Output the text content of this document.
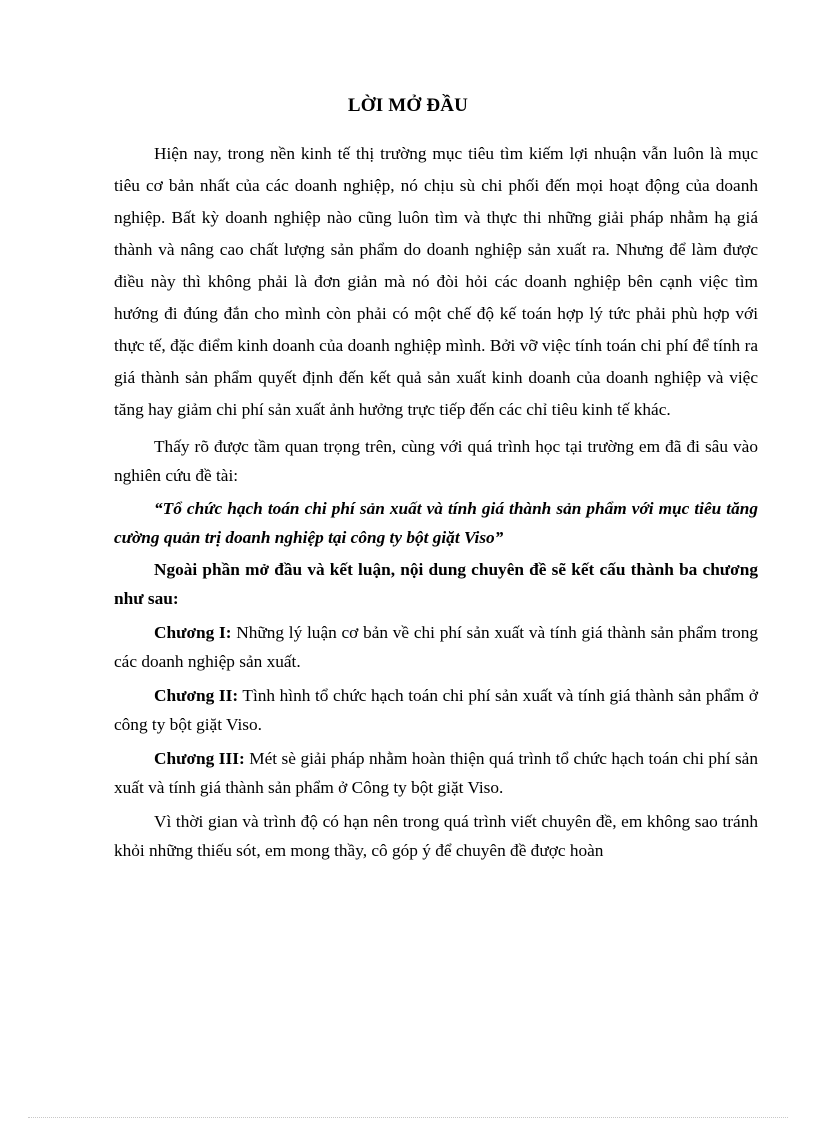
LỜI MỞ ĐẦU

Hiện nay, trong nền kinh tế thị trường mục tiêu tìm kiếm lợi nhuận vẫn luôn là mục tiêu cơ bản nhất của các doanh nghiệp, nó chịu sù chi phối đến mọi hoạt động của doanh nghiệp. Bất kỳ doanh nghiệp nào cũng luôn tìm và thực thi những giải pháp nhằm hạ giá thành và nâng cao chất lượng sản phẩm do doanh nghiệp sản xuất ra. Nhưng để làm được điều này thì không phải là đơn giản mà nó đòi hỏi các doanh nghiệp bên cạnh việc tìm hướng đi đúng đắn cho mình còn phải có một chế độ kế toán hợp lý tức phải phù hợp với thực tế, đặc điểm kinh doanh của doanh nghiệp mình. Bởi vỡ việc tính toán chi phí để tính ra giá thành sản phẩm quyết định đến kết quả sản xuất kinh doanh của doanh nghiệp và việc tăng hay giảm chi phí sản xuất ảnh hưởng trực tiếp đến các chỉ tiêu kinh tế khác.

Thấy rõ được tầm quan trọng trên, cùng với quá trình học tại trường em đã đi sâu vào nghiên cứu đề tài:

“Tổ chức hạch toán chi phí sản xuất và tính giá thành sản phẩm với mục tiêu tăng cường quản trị doanh nghiệp tại công ty bột giặt Viso”

Ngoài phần mở đầu và kết luận, nội dung chuyên đề sẽ kết cấu thành ba chương như sau:

Chương I: Những lý luận cơ bản về chi phí sản xuất và tính giá thành sản phẩm trong các doanh nghiệp sản xuất.

Chương II: Tình hình tổ chức hạch toán chi phí sản xuất và tính giá thành sản phẩm ở công ty bột giặt Viso.

Chương III: Mét sè giải pháp nhằm hoàn thiện quá trình tổ chức hạch toán chi phí sản xuất và tính giá thành sản phẩm ở Công ty bột giặt Viso.

Vì thời gian và trình độ có hạn nên trong quá trình viết chuyên đề, em không sao tránh khỏi những thiếu sót, em mong thầy, cô góp ý để chuyên đề được hoàn
